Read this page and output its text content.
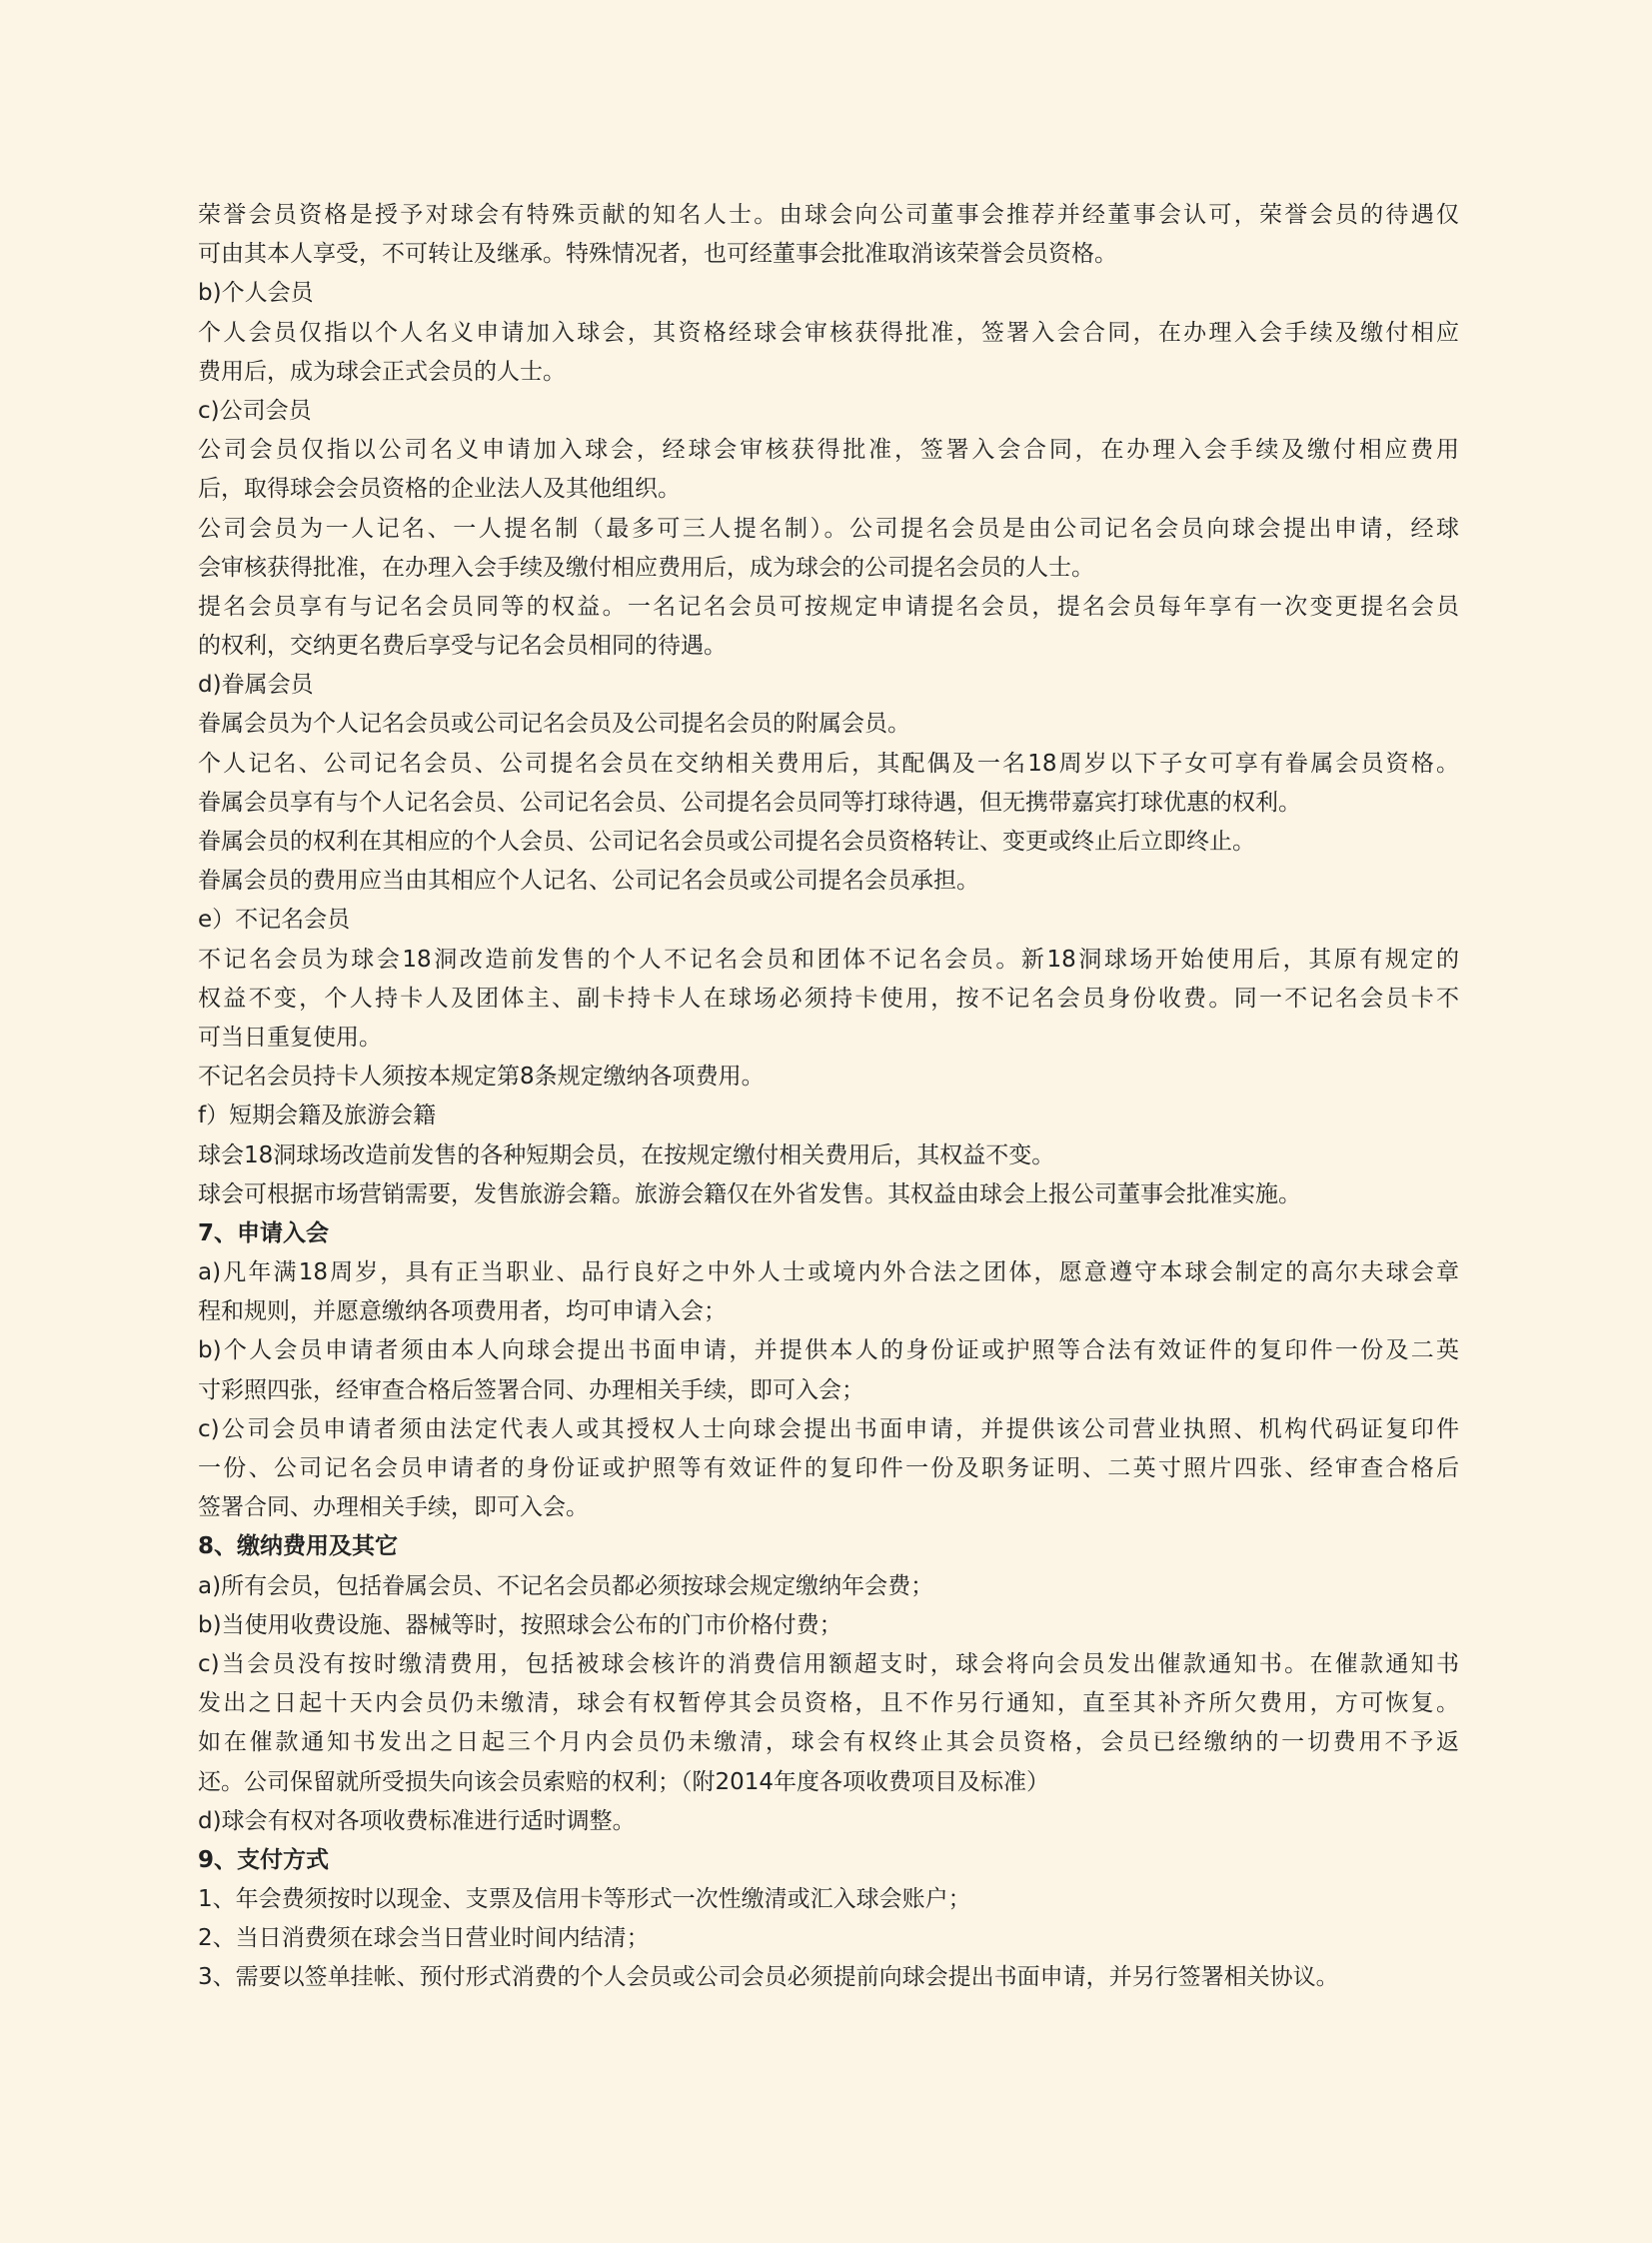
荣誉会员资格是授予对球会有特殊贡献的知名人士。由球会向公司董事会推荐并经董事会认可，荣誉会员的待遇仅
可由其本人享受，不可转让及继承。特殊情况者，也可经董事会批准取消该荣誉会员资格。
b)个人会员
个人会员仅指以个人名义申请加入球会，其资格经球会审核获得批准，签署入会合同，在办理入会手续及缴付相应
费用后，成为球会正式会员的人士。
c)公司会员
公司会员仅指以公司名义申请加入球会，经球会审核获得批准，签署入会合同，在办理入会手续及缴付相应费用
后，取得球会会员资格的企业法人及其他组织。
公司会员为一人记名、一人提名制（最多可三人提名制）。公司提名会员是由公司记名会员向球会提出申请，经球
会审核获得批准，在办理入会手续及缴付相应费用后，成为球会的公司提名会员的人士。
提名会员享有与记名会员同等的权益。一名记名会员可按规定申请提名会员，提名会员每年享有一次变更提名会员
的权利，交纳更名费后享受与记名会员相同的待遇。
d)眷属会员
眷属会员为个人记名会员或公司记名会员及公司提名会员的附属会员。
个人记名、公司记名会员、公司提名会员在交纳相关费用后，其配偶及一名18周岁以下子女可享有眷属会员资格。
眷属会员享有与个人记名会员、公司记名会员、公司提名会员同等打球待遇，但无携带嘉宾打球优惠的权利。
眷属会员的权利在其相应的个人会员、公司记名会员或公司提名会员资格转让、变更或终止后立即终止。
眷属会员的费用应当由其相应个人记名、公司记名会员或公司提名会员承担。
e）不记名会员
不记名会员为球会18洞改造前发售的个人不记名会员和团体不记名会员。新18洞球场开始使用后，其原有规定的
权益不变，个人持卡人及团体主、副卡持卡人在球场必须持卡使用，按不记名会员身份收费。同一不记名会员卡不
可当日重复使用。
不记名会员持卡人须按本规定第8条规定缴纳各项费用。
f）短期会籍及旅游会籍
球会18洞球场改造前发售的各种短期会员，在按规定缴付相关费用后，其权益不变。
球会可根据市场营销需要，发售旅游会籍。旅游会籍仅在外省发售。其权益由球会上报公司董事会批准实施。
7、申请入会
a)凡年满18周岁，具有正当职业、品行良好之中外人士或境内外合法之团体，愿意遵守本球会制定的高尔夫球会章
程和规则，并愿意缴纳各项费用者，均可申请入会；
b)个人会员申请者须由本人向球会提出书面申请，并提供本人的身份证或护照等合法有效证件的复印件一份及二英
寸彩照四张，经审查合格后签署合同、办理相关手续，即可入会；
c)公司会员申请者须由法定代表人或其授权人士向球会提出书面申请，并提供该公司营业执照、机构代码证复印件
一份、公司记名会员申请者的身份证或护照等有效证件的复印件一份及职务证明、二英寸照片四张、经审查合格后
签署合同、办理相关手续，即可入会。
8、缴纳费用及其它
a)所有会员，包括眷属会员、不记名会员都必须按球会规定缴纳年会费；
b)当使用收费设施、器械等时，按照球会公布的门市价格付费；
c)当会员没有按时缴清费用，包括被球会核许的消费信用额超支时，球会将向会员发出催款通知书。在催款通知书
发出之日起十天内会员仍未缴清，球会有权暂停其会员资格，且不作另行通知，直至其补齐所欠费用，方可恢复。
如在催款通知书发出之日起三个月内会员仍未缴清，球会有权终止其会员资格，会员已经缴纳的一切费用不予返
还。公司保留就所受损失向该会员索赔的权利；（附2014年度各项收费项目及标准）
d)球会有权对各项收费标准进行适时调整。
9、支付方式
1、年会费须按时以现金、支票及信用卡等形式一次性缴清或汇入球会账户；
2、当日消费须在球会当日营业时间内结清；
3、需要以签单挂帐、预付形式消费的个人会员或公司会员必须提前向球会提出书面申请，并另行签署相关协议。
